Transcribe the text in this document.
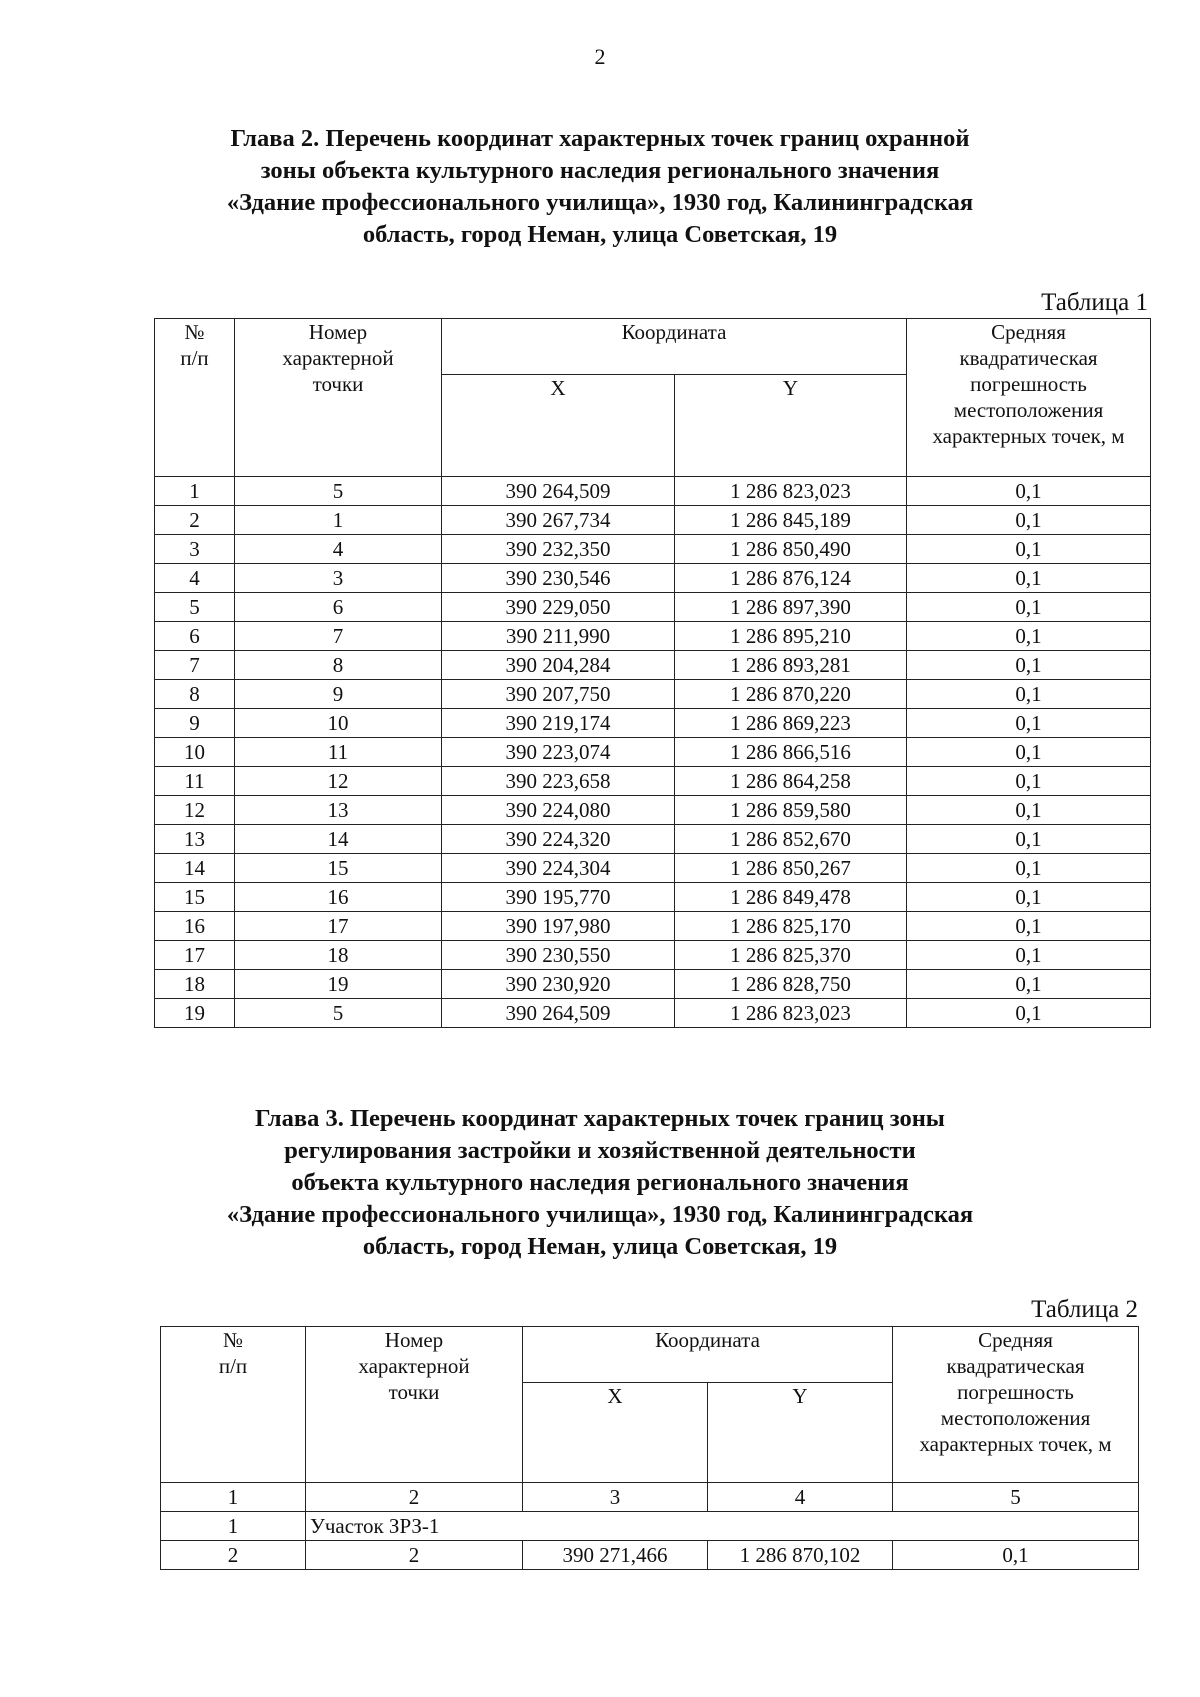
2
Глава 2. Перечень координат характерных точек границ охранной
зоны объекта культурного наследия регионального значения
«Здание профессионального училища», 1930 год, Калининградская
область, город Неман, улица Советская, 19
Таблица 1
№
п/п	Номер
характерной
точки	Координата		Средняя
квадратическая
погрешность
местоположения
характерных точек, м

		X	Y	
1	5	390 264,509	1 286 823,023	0,1
2	1	390 267,734	1 286 845,189	0,1
3	4	390 232,350	1 286 850,490	0,1
4	3	390 230,546	1 286 876,124	0,1
5	6	390 229,050	1 286 897,390	0,1
6	7	390 211,990	1 286 895,210	0,1
7	8	390 204,284	1 286 893,281	0,1
8	9	390 207,750	1 286 870,220	0,1
9	10	390 219,174	1 286 869,223	0,1
10	11	390 223,074	1 286 866,516	0,1
11	12	390 223,658	1 286 864,258	0,1
12	13	390 224,080	1 286 859,580	0,1
13	14	390 224,320	1 286 852,670	0,1
14	15	390 224,304	1 286 850,267	0,1
15	16	390 195,770	1 286 849,478	0,1
16	17	390 197,980	1 286 825,170	0,1
17	18	390 230,550	1 286 825,370	0,1
18	19	390 230,920	1 286 828,750	0,1
19	5	390 264,509	1 286 823,023	0,1
Глава 3. Перечень координат характерных точек границ зоны
регулирования застройки и хозяйственной деятельности
объекта культурного наследия регионального значения
«Здание профессионального училища», 1930 год, Калининградская
область, город Неман, улица Советская, 19
Таблица 2
№
п/п	Номер
характерной
точки	Координата		Средняя
квадратическая
погрешность
местоположения
характерных точек, м

		X	Y	
1	2	3	4	5
1	Участок ЗРЗ-1			
2	2	390 271,466	1 286 870,102	0,1
